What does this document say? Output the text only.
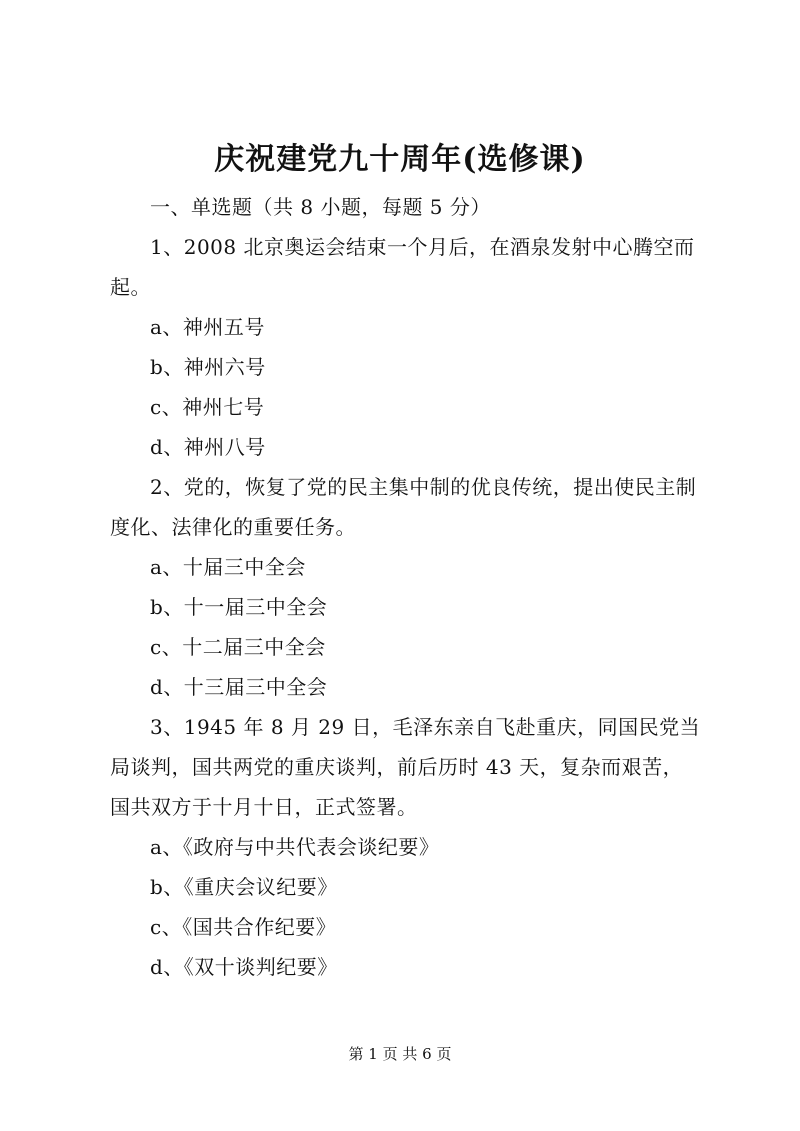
庆祝建党九十周年(选修课)

一、单选题（共 8 小题，每题 5 分）

1、2008 北京奥运会结束一个月后，在酒泉发射中心腾空而起。

a、神州五号

b、神州六号

c、神州七号

d、神州八号

2、党的，恢复了党的民主集中制的优良传统，提出使民主制度化、法律化的重要任务。

a、十届三中全会

b、十一届三中全会

c、十二届三中全会

d、十三届三中全会

3、1945 年 8 月 29 日，毛泽东亲自飞赴重庆，同国民党当局谈判，国共两党的重庆谈判，前后历时 43 天，复杂而艰苦，国共双方于十月十日，正式签署。

a、《政府与中共代表会谈纪要》

b、《重庆会议纪要》

c、《国共合作纪要》

d、《双十谈判纪要》

第 1 页 共 6 页
